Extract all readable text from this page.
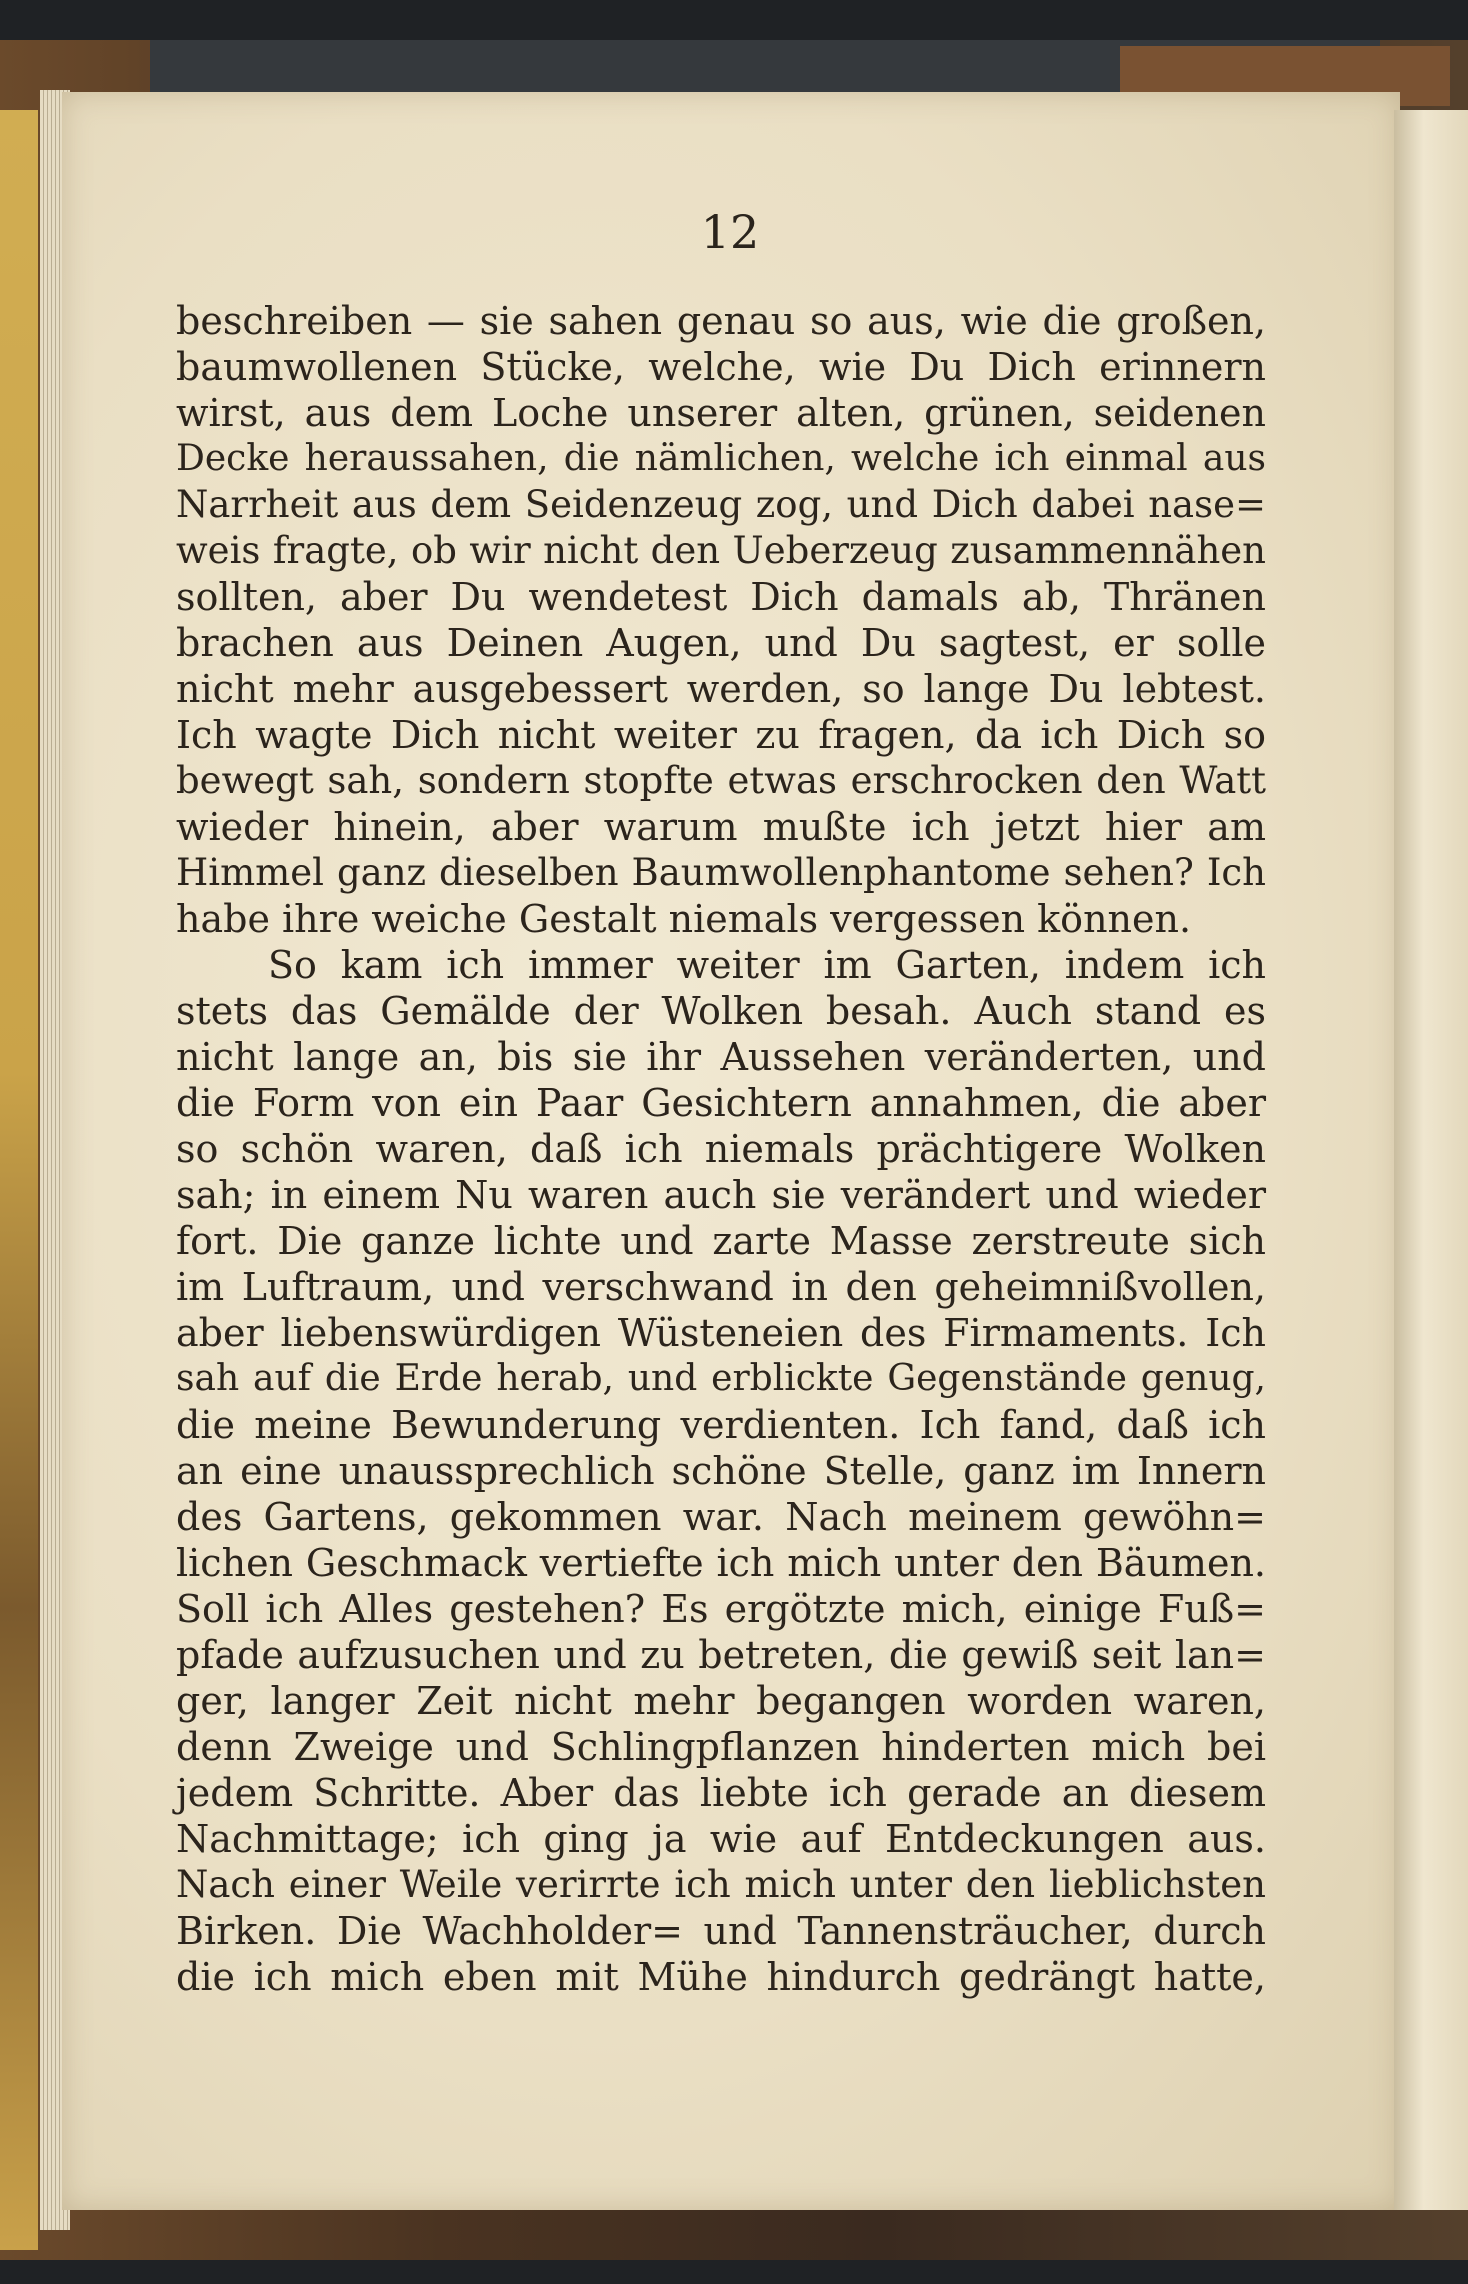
12
beschreiben — sie sahen genau so aus, wie die großen,
baumwollenen Stücke, welche, wie Du Dich erinnern
wirst, aus dem Loche unserer alten, grünen, seidenen
Decke heraussahen, die nämlichen, welche ich einmal aus
Narrheit aus dem Seidenzeug zog, und Dich dabei nase=
weis fragte, ob wir nicht den Ueberzeug zusammennähen
sollten, aber Du wendetest Dich damals ab, Thränen
brachen aus Deinen Augen, und Du sagtest, er solle
nicht mehr ausgebessert werden, so lange Du lebtest.
Ich wagte Dich nicht weiter zu fragen, da ich Dich so
bewegt sah, sondern stopfte etwas erschrocken den Watt
wieder hinein, aber warum mußte ich jetzt hier am
Himmel ganz dieselben Baumwollenphantome sehen? Ich
habe ihre weiche Gestalt niemals vergessen können.
So kam ich immer weiter im Garten, indem ich
stets das Gemälde der Wolken besah. Auch stand es
nicht lange an, bis sie ihr Aussehen veränderten, und
die Form von ein Paar Gesichtern annahmen, die aber
so schön waren, daß ich niemals prächtigere Wolken
sah; in einem Nu waren auch sie verändert und wieder
fort. Die ganze lichte und zarte Masse zerstreute sich
im Luftraum, und verschwand in den geheimnißvollen,
aber liebenswürdigen Wüsteneien des Firmaments. Ich
sah auf die Erde herab, und erblickte Gegenstände genug,
die meine Bewunderung verdienten. Ich fand, daß ich
an eine unaussprechlich schöne Stelle, ganz im Innern
des Gartens, gekommen war. Nach meinem gewöhn=
lichen Geschmack vertiefte ich mich unter den Bäumen.
Soll ich Alles gestehen? Es ergötzte mich, einige Fuß=
pfade aufzusuchen und zu betreten, die gewiß seit lan=
ger, langer Zeit nicht mehr begangen worden waren,
denn Zweige und Schlingpflanzen hinderten mich bei
jedem Schritte. Aber das liebte ich gerade an diesem
Nachmittage; ich ging ja wie auf Entdeckungen aus.
Nach einer Weile verirrte ich mich unter den lieblichsten
Birken. Die Wachholder= und Tannensträucher, durch
die ich mich eben mit Mühe hindurch gedrängt hatte,
